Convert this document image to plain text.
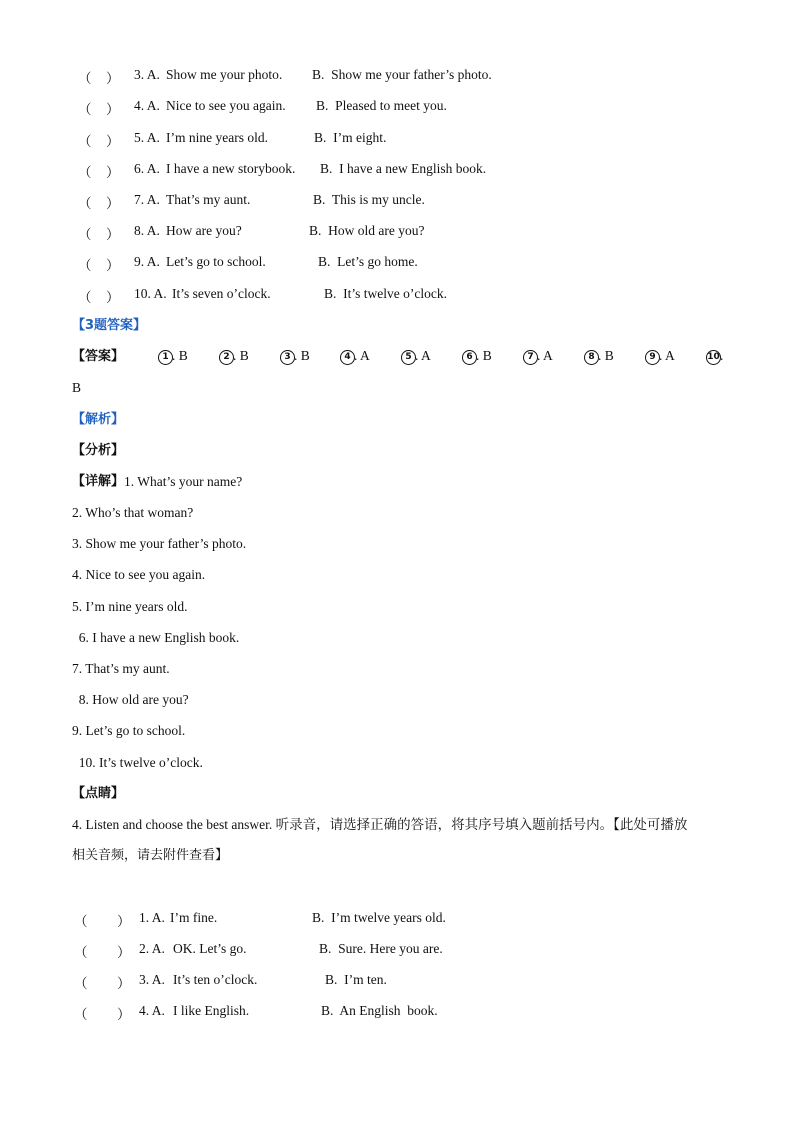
（ ） 3. A. Show me your photo. B.  Show me your father’s photo.
（ ） 4. A. Nice to see you again. B.  Pleased to meet you.
（ ） 5. A. I’m nine years old.	B.  I’m eight.
（ ） 6. A. I have a new storybook. B.  I have a new English book.
（ ） 7. A. That’s my aunt.	B.  This is my uncle.
（ ） 8. A. How are you?	B.  How old are you?
（ ） 9. A. Let’s go to school.	B.  Let’s go home.
（ ） 10. A. It’s seven o’clock.	B.  It’s twelve o’clock.
【3题答案】
【答案】	1 . B	2 . B	3 . B	4 . A	5 . A	6 . B	7 . A	8 . B	9 . A	10 .
B
【解析】
【分析】
【详解】 1. What’s your name?
2. Who’s that woman?
3. Show me your father’s photo.
4. Nice to see you again.
5. I’m nine years old.
6. I have a new English book.
7. That’s my aunt.
8. How old are you?
9. Let’s go to school.
10. It’s twelve o’clock.
【点睛】
4. Listen and choose the best answer. 听录音，请选择正确的答语，将其序号填入题前括号内。【此处可播放
相关音频，请去附件查看】
（ ） 1. A. I’m fine.	B.  I’m twelve years old.
（ ） 2. A. OK. Let’s go.	B.  Sure. Here you are.
（ ） 3. A. It’s ten o’clock.	B.  I’m ten.
（ ） 4. A. I like English.	B.  An English  book.
